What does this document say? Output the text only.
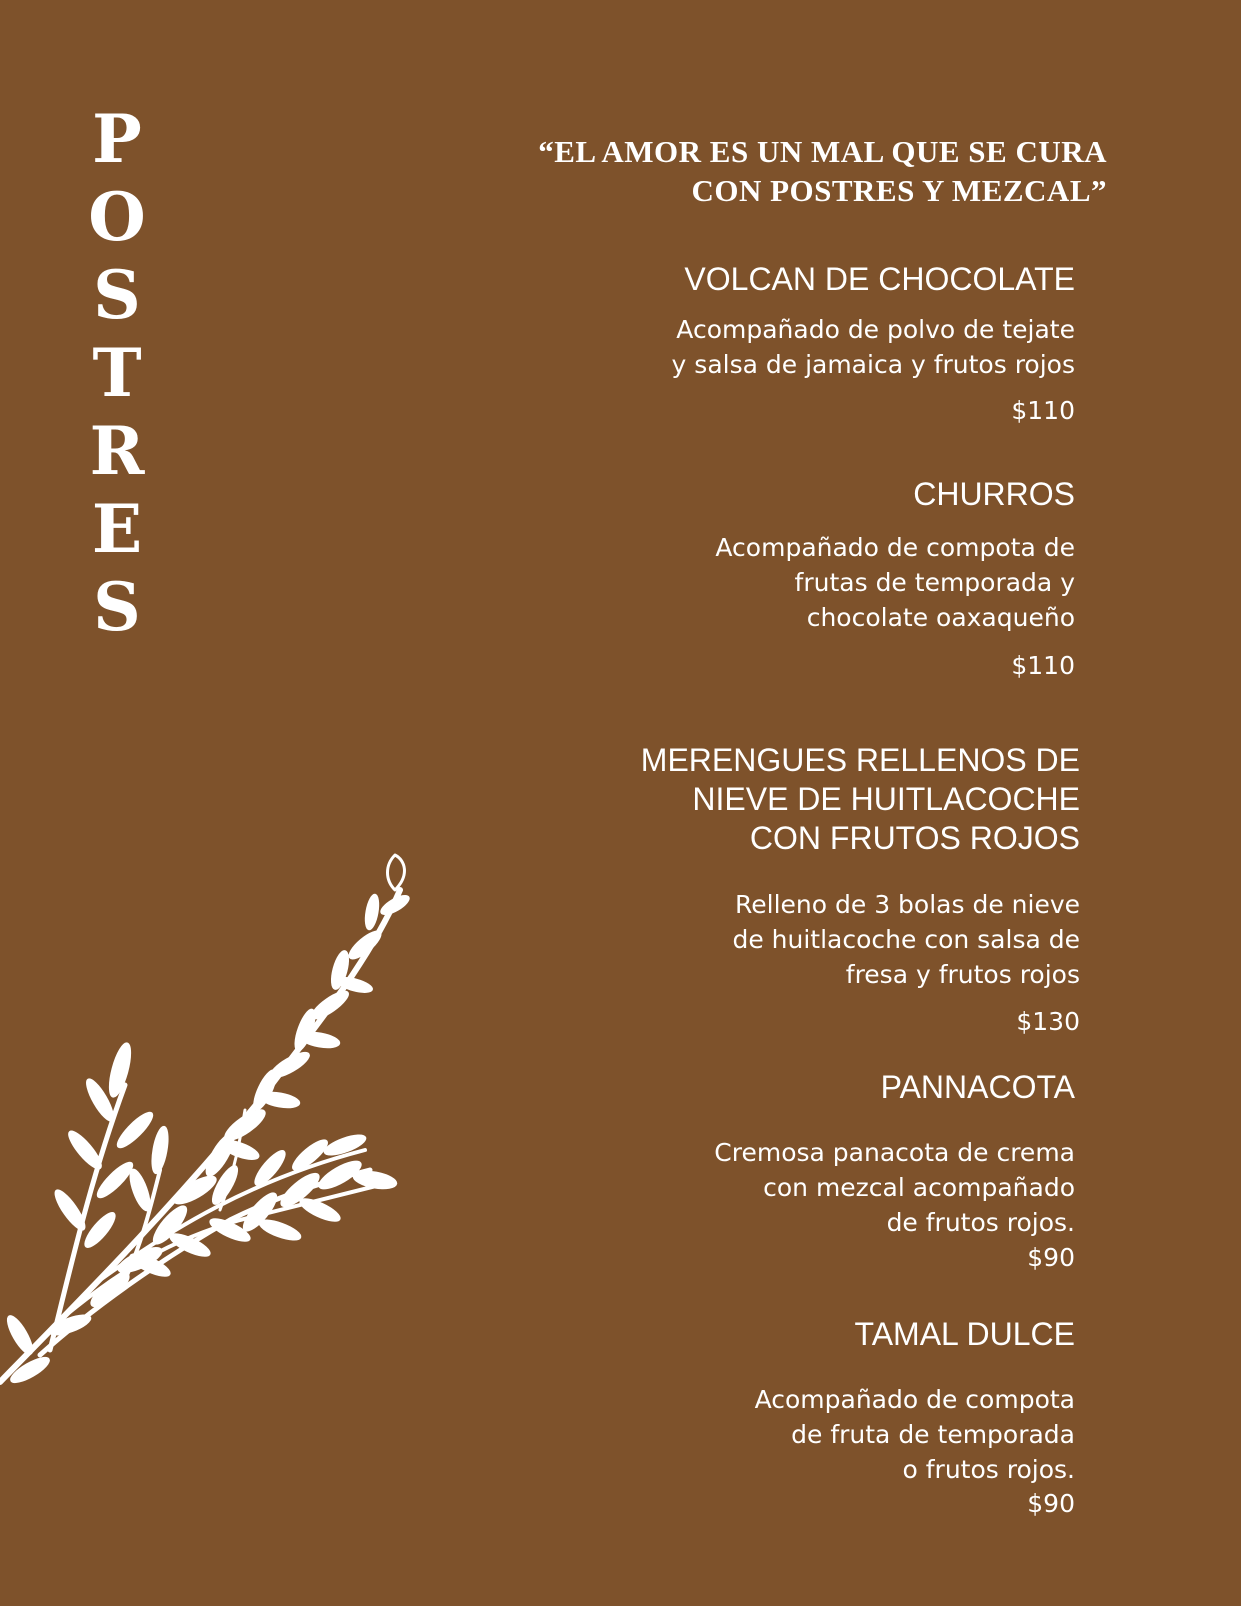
P
O
S
T
R
E
S
“EL AMOR ES UN MAL QUE SE CURA
CON POSTRES Y MEZCAL”
VOLCAN DE CHOCOLATE
Acompañado de polvo de tejate
y salsa de jamaica y frutos rojos
$110
CHURROS
Acompañado de compota de
frutas de temporada y
chocolate oaxaqueño
$110
MERENGUES RELLENOS DE
NIEVE DE HUITLACOCHE
CON FRUTOS ROJOS
Relleno de 3 bolas de nieve
de huitlacoche con salsa de
fresa y frutos rojos
$130
PANNACOTA
Cremosa panacota de crema
con mezcal acompañado
de frutos rojos.
$90
TAMAL DULCE
Acompañado de compota
de fruta de temporada
o frutos rojos.
$90
